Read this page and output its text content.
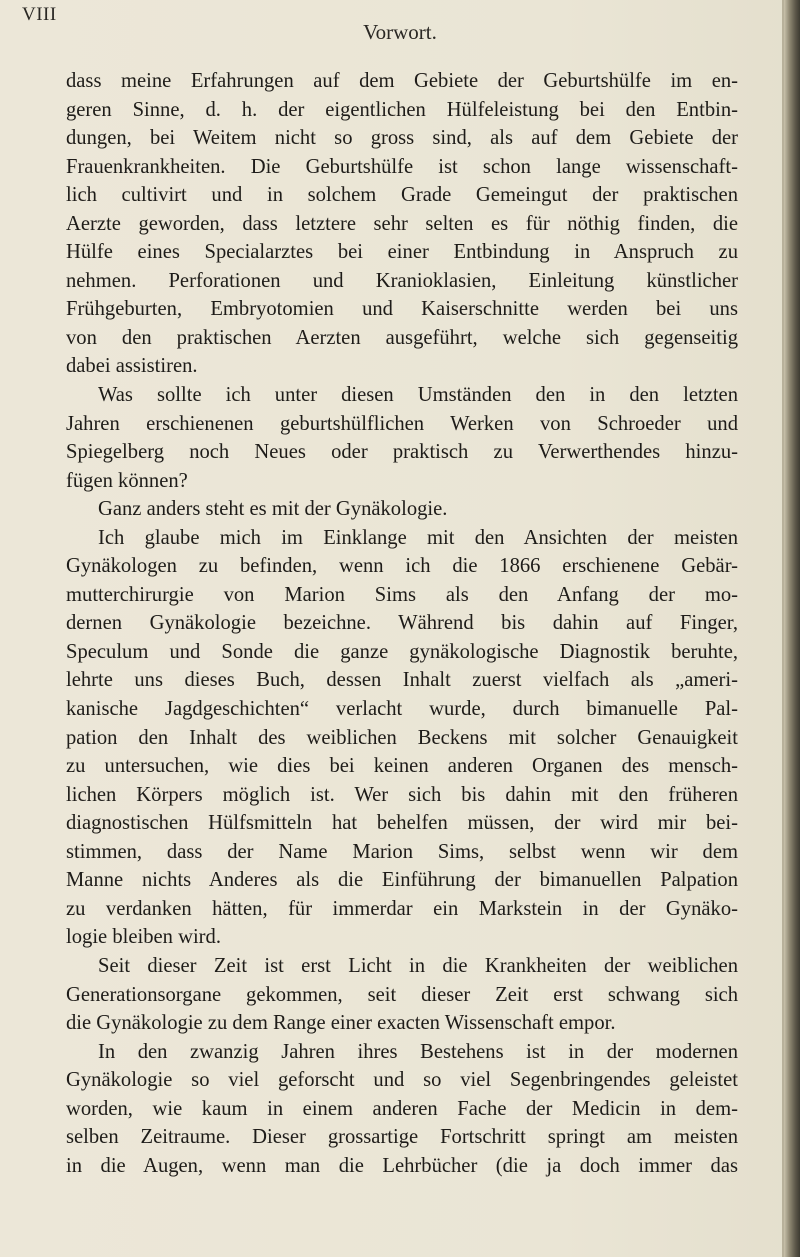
VIII
Vorwort.
dass meine Erfahrungen auf dem Gebiete der Geburtshülfe im en-
geren Sinne, d. h. der eigentlichen Hülfeleistung bei den Entbin-
dungen, bei Weitem nicht so gross sind, als auf dem Gebiete der
Frauenkrankheiten. Die Geburtshülfe ist schon lange wissenschaft-
lich cultivirt und in solchem Grade Gemeingut der praktischen
Aerzte geworden, dass letztere sehr selten es für nöthig finden, die
Hülfe eines Specialarztes bei einer Entbindung in Anspruch zu
nehmen. Perforationen und Kranioklasien, Einleitung künstlicher
Frühgeburten, Embryotomien und Kaiserschnitte werden bei uns
von den praktischen Aerzten ausgeführt, welche sich gegenseitig
dabei assistiren.
Was sollte ich unter diesen Umständen den in den letzten
Jahren erschienenen geburtshülflichen Werken von Schroeder und
Spiegelberg noch Neues oder praktisch zu Verwerthendes hinzu-
fügen können?
Ganz anders steht es mit der Gynäkologie.
Ich glaube mich im Einklange mit den Ansichten der meisten
Gynäkologen zu befinden, wenn ich die 1866 erschienene Gebär-
mutterchirurgie von Marion Sims als den Anfang der mo-
dernen Gynäkologie bezeichne. Während bis dahin auf Finger,
Speculum und Sonde die ganze gynäkologische Diagnostik beruhte,
lehrte uns dieses Buch, dessen Inhalt zuerst vielfach als „ameri-
kanische Jagdgeschichten“ verlacht wurde, durch bimanuelle Pal-
pation den Inhalt des weiblichen Beckens mit solcher Genauigkeit
zu untersuchen, wie dies bei keinen anderen Organen des mensch-
lichen Körpers möglich ist. Wer sich bis dahin mit den früheren
diagnostischen Hülfsmitteln hat behelfen müssen, der wird mir bei-
stimmen, dass der Name Marion Sims, selbst wenn wir dem
Manne nichts Anderes als die Einführung der bimanuellen Palpation
zu verdanken hätten, für immerdar ein Markstein in der Gynäko-
logie bleiben wird.
Seit dieser Zeit ist erst Licht in die Krankheiten der weiblichen
Generationsorgane gekommen, seit dieser Zeit erst schwang sich
die Gynäkologie zu dem Range einer exacten Wissenschaft empor.
In den zwanzig Jahren ihres Bestehens ist in der modernen
Gynäkologie so viel geforscht und so viel Segenbringendes geleistet
worden, wie kaum in einem anderen Fache der Medicin in dem-
selben Zeitraume. Dieser grossartige Fortschritt springt am meisten
in die Augen, wenn man die Lehrbücher (die ja doch immer das
